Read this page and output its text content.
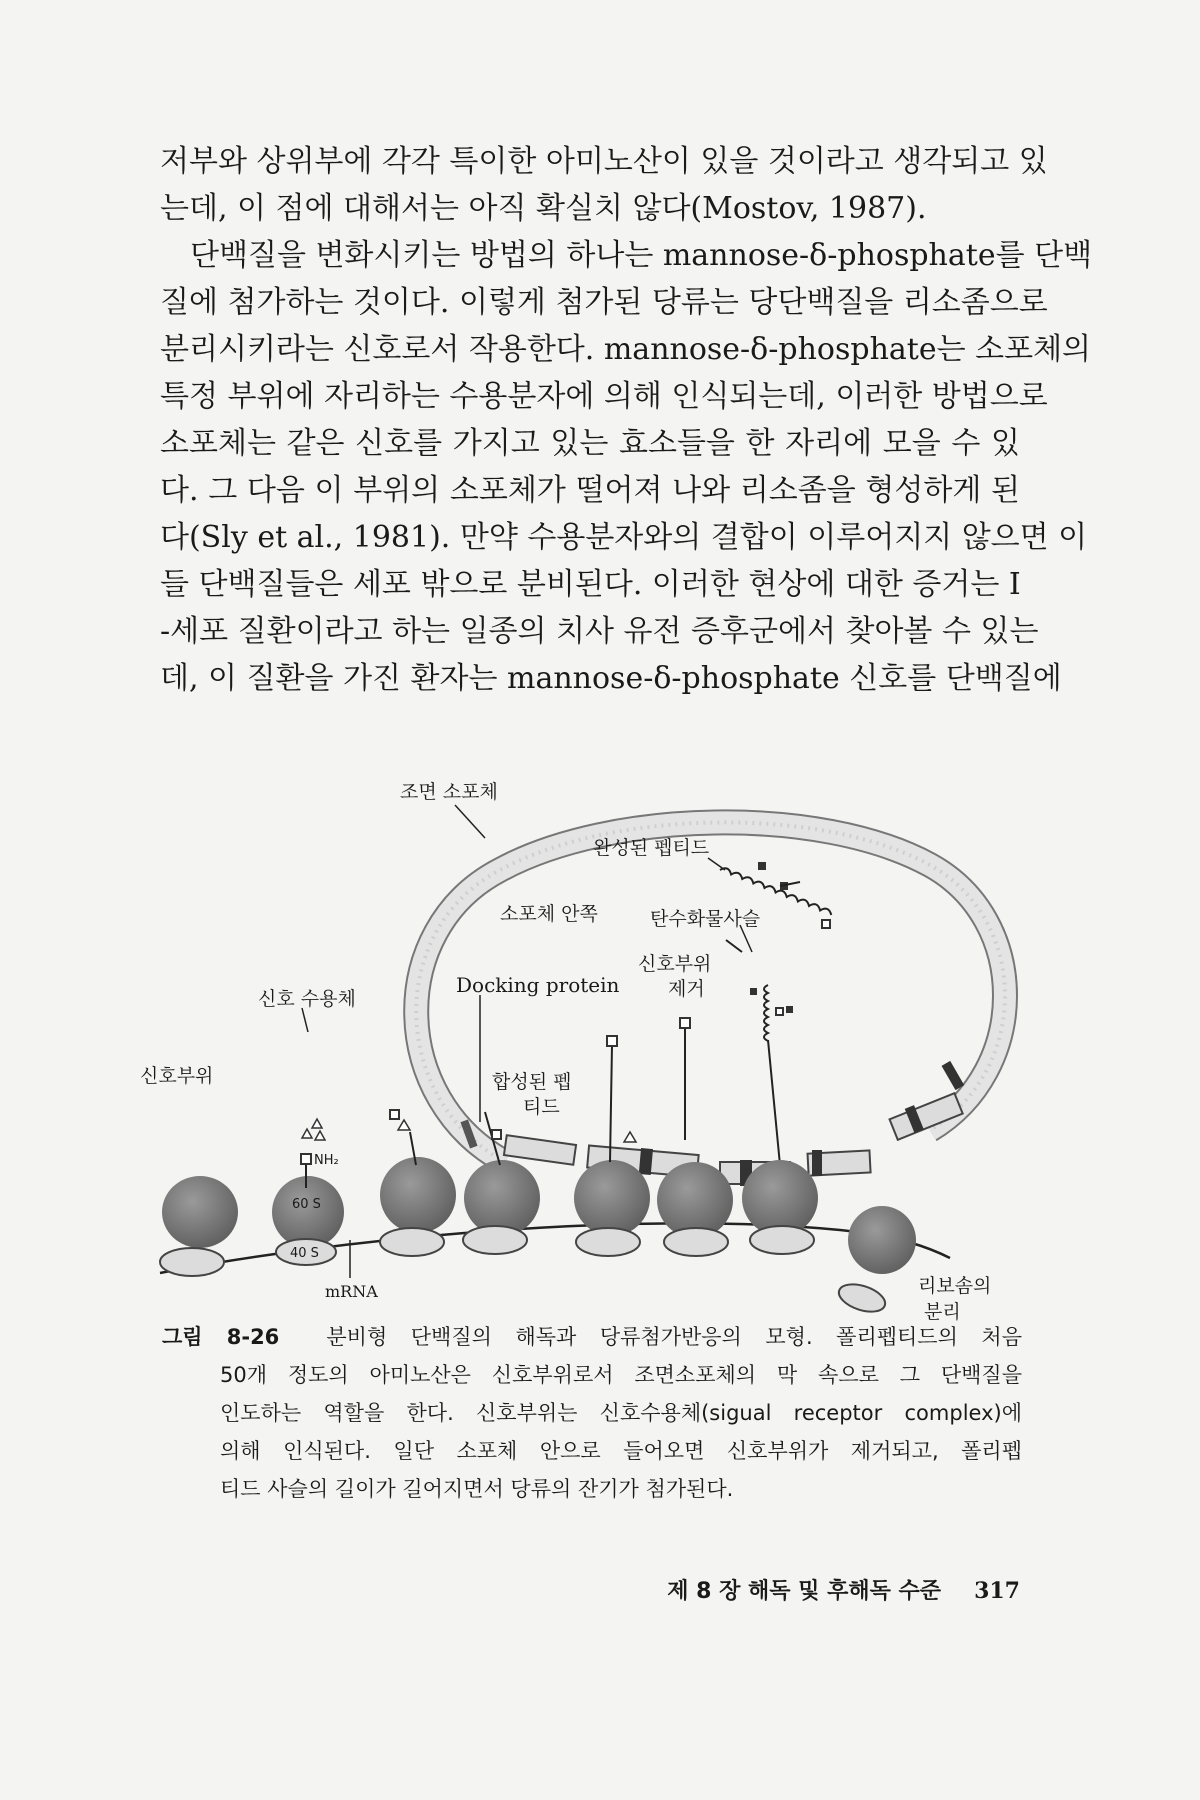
저부와 상위부에 각각 특이한 아미노산이 있을 것이라고 생각되고 있
는데, 이 점에 대해서는 아직 확실치 않다(Mostov, 1987).
단백질을 변화시키는 방법의 하나는 mannose-δ-phosphate를 단백
질에 첨가하는 것이다. 이렇게 첨가된 당류는 당단백질을 리소좀으로
분리시키라는 신호로서 작용한다. mannose-δ-phosphate는 소포체의
특정 부위에 자리하는 수용분자에 의해 인식되는데, 이러한 방법으로
소포체는 같은 신호를 가지고 있는 효소들을 한 자리에 모을 수 있
다. 그 다음 이 부위의 소포체가 떨어져 나와 리소좀을 형성하게 된
다(Sly et al., 1981). 만약 수용분자와의 결합이 이루어지지 않으면 이
들 단백질들은 세포 밖으로 분비된다. 이러한 현상에 대한 증거는 I
-세포 질환이라고 하는 일종의 치사 유전 증후군에서 찾아볼 수 있는
데, 이 질환을 가진 환자는 mannose-δ-phosphate 신호를 단백질에
60 S
40 S
NH₂
조면 소포체
완성된 펩티드
소포체 안쪽	탄수화물사슬
신호부위
제거
Docking protein
신호 수용체
신호부위	합성된 펩
티드
mRNA	리보솜의
분리
그림 8-26 분비형 단백질의 해독과 당류첨가반응의 모형. 폴리펩티드의 처음
50개 정도의 아미노산은 신호부위로서 조면소포체의 막 속으로 그 단백질을
인도하는 역할을 한다. 신호부위는 신호수용체(sigual receptor complex)에
의해 인식된다. 일단 소포체 안으로 들어오면 신호부위가 제거되고, 폴리펩
티드 사슬의 길이가 길어지면서 당류의 잔기가 첨가된다.
제 8 장 해독 및 후해독 수준 317
